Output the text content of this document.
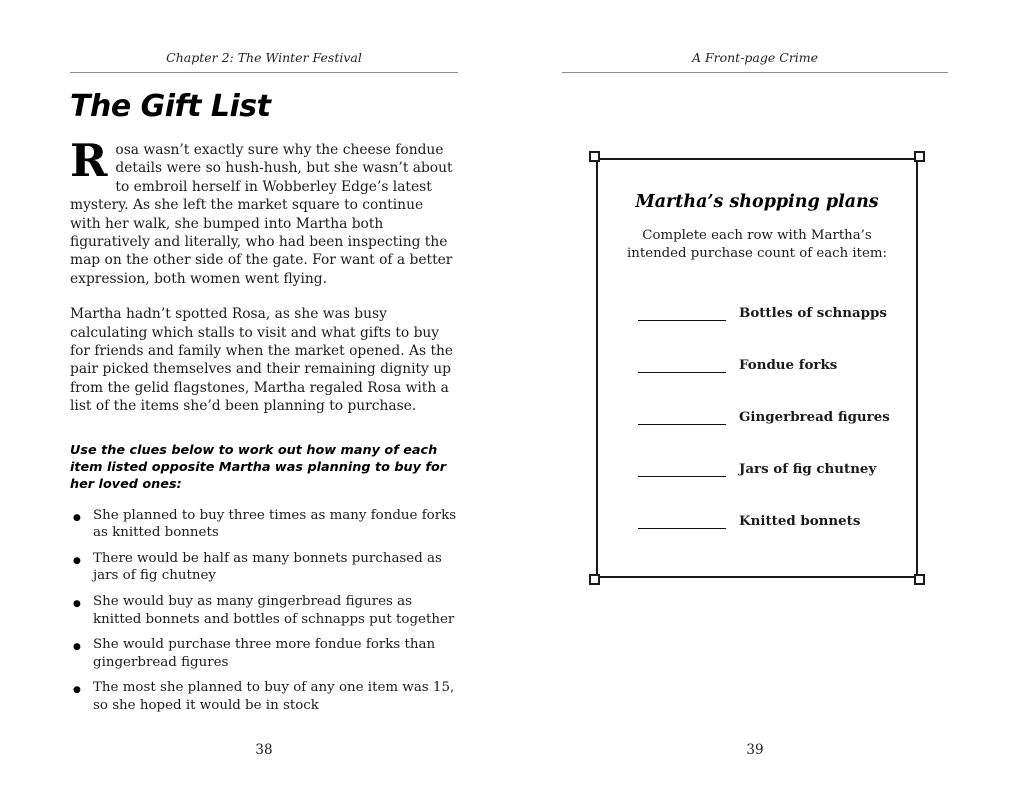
Chapter 2: The Winter Festival
The Gift List

Rosa wasn’t exactly sure why the cheese fondue details were so hush-hush, but she wasn’t about to embroil herself in Wobberley Edge’s latest mystery. As she left the market square to continue with her walk, she bumped into Martha both figuratively and literally, who had been inspecting the map on the other side of the gate. For want of a better expression, both women went flying.

Martha hadn’t spotted Rosa, as she was busy calculating which stalls to visit and what gifts to buy for friends and family when the market opened. As the pair picked themselves and their remaining dignity up from the gelid flagstones, Martha regaled Rosa with a list of the items she’d been planning to purchase.

Use the clues below to work out how many of each item listed opposite Martha was planning to buy for her loved ones:

● She planned to buy three times as many fondue forks as knitted bonnets
● There would be half as many bonnets purchased as jars of fig chutney
● She would buy as many gingerbread figures as knitted bonnets and bottles of schnapps put together
● She would purchase three more fondue forks than gingerbread figures
● The most she planned to buy of any one item was 15, so she hoped it would be in stock
38
A Front-page Crime
Martha’s shopping plans
Complete each row with Martha’s intended purchase count of each item:
Bottles of schnapps
Fondue forks
Gingerbread figures
Jars of fig chutney
Knitted bonnets
39
